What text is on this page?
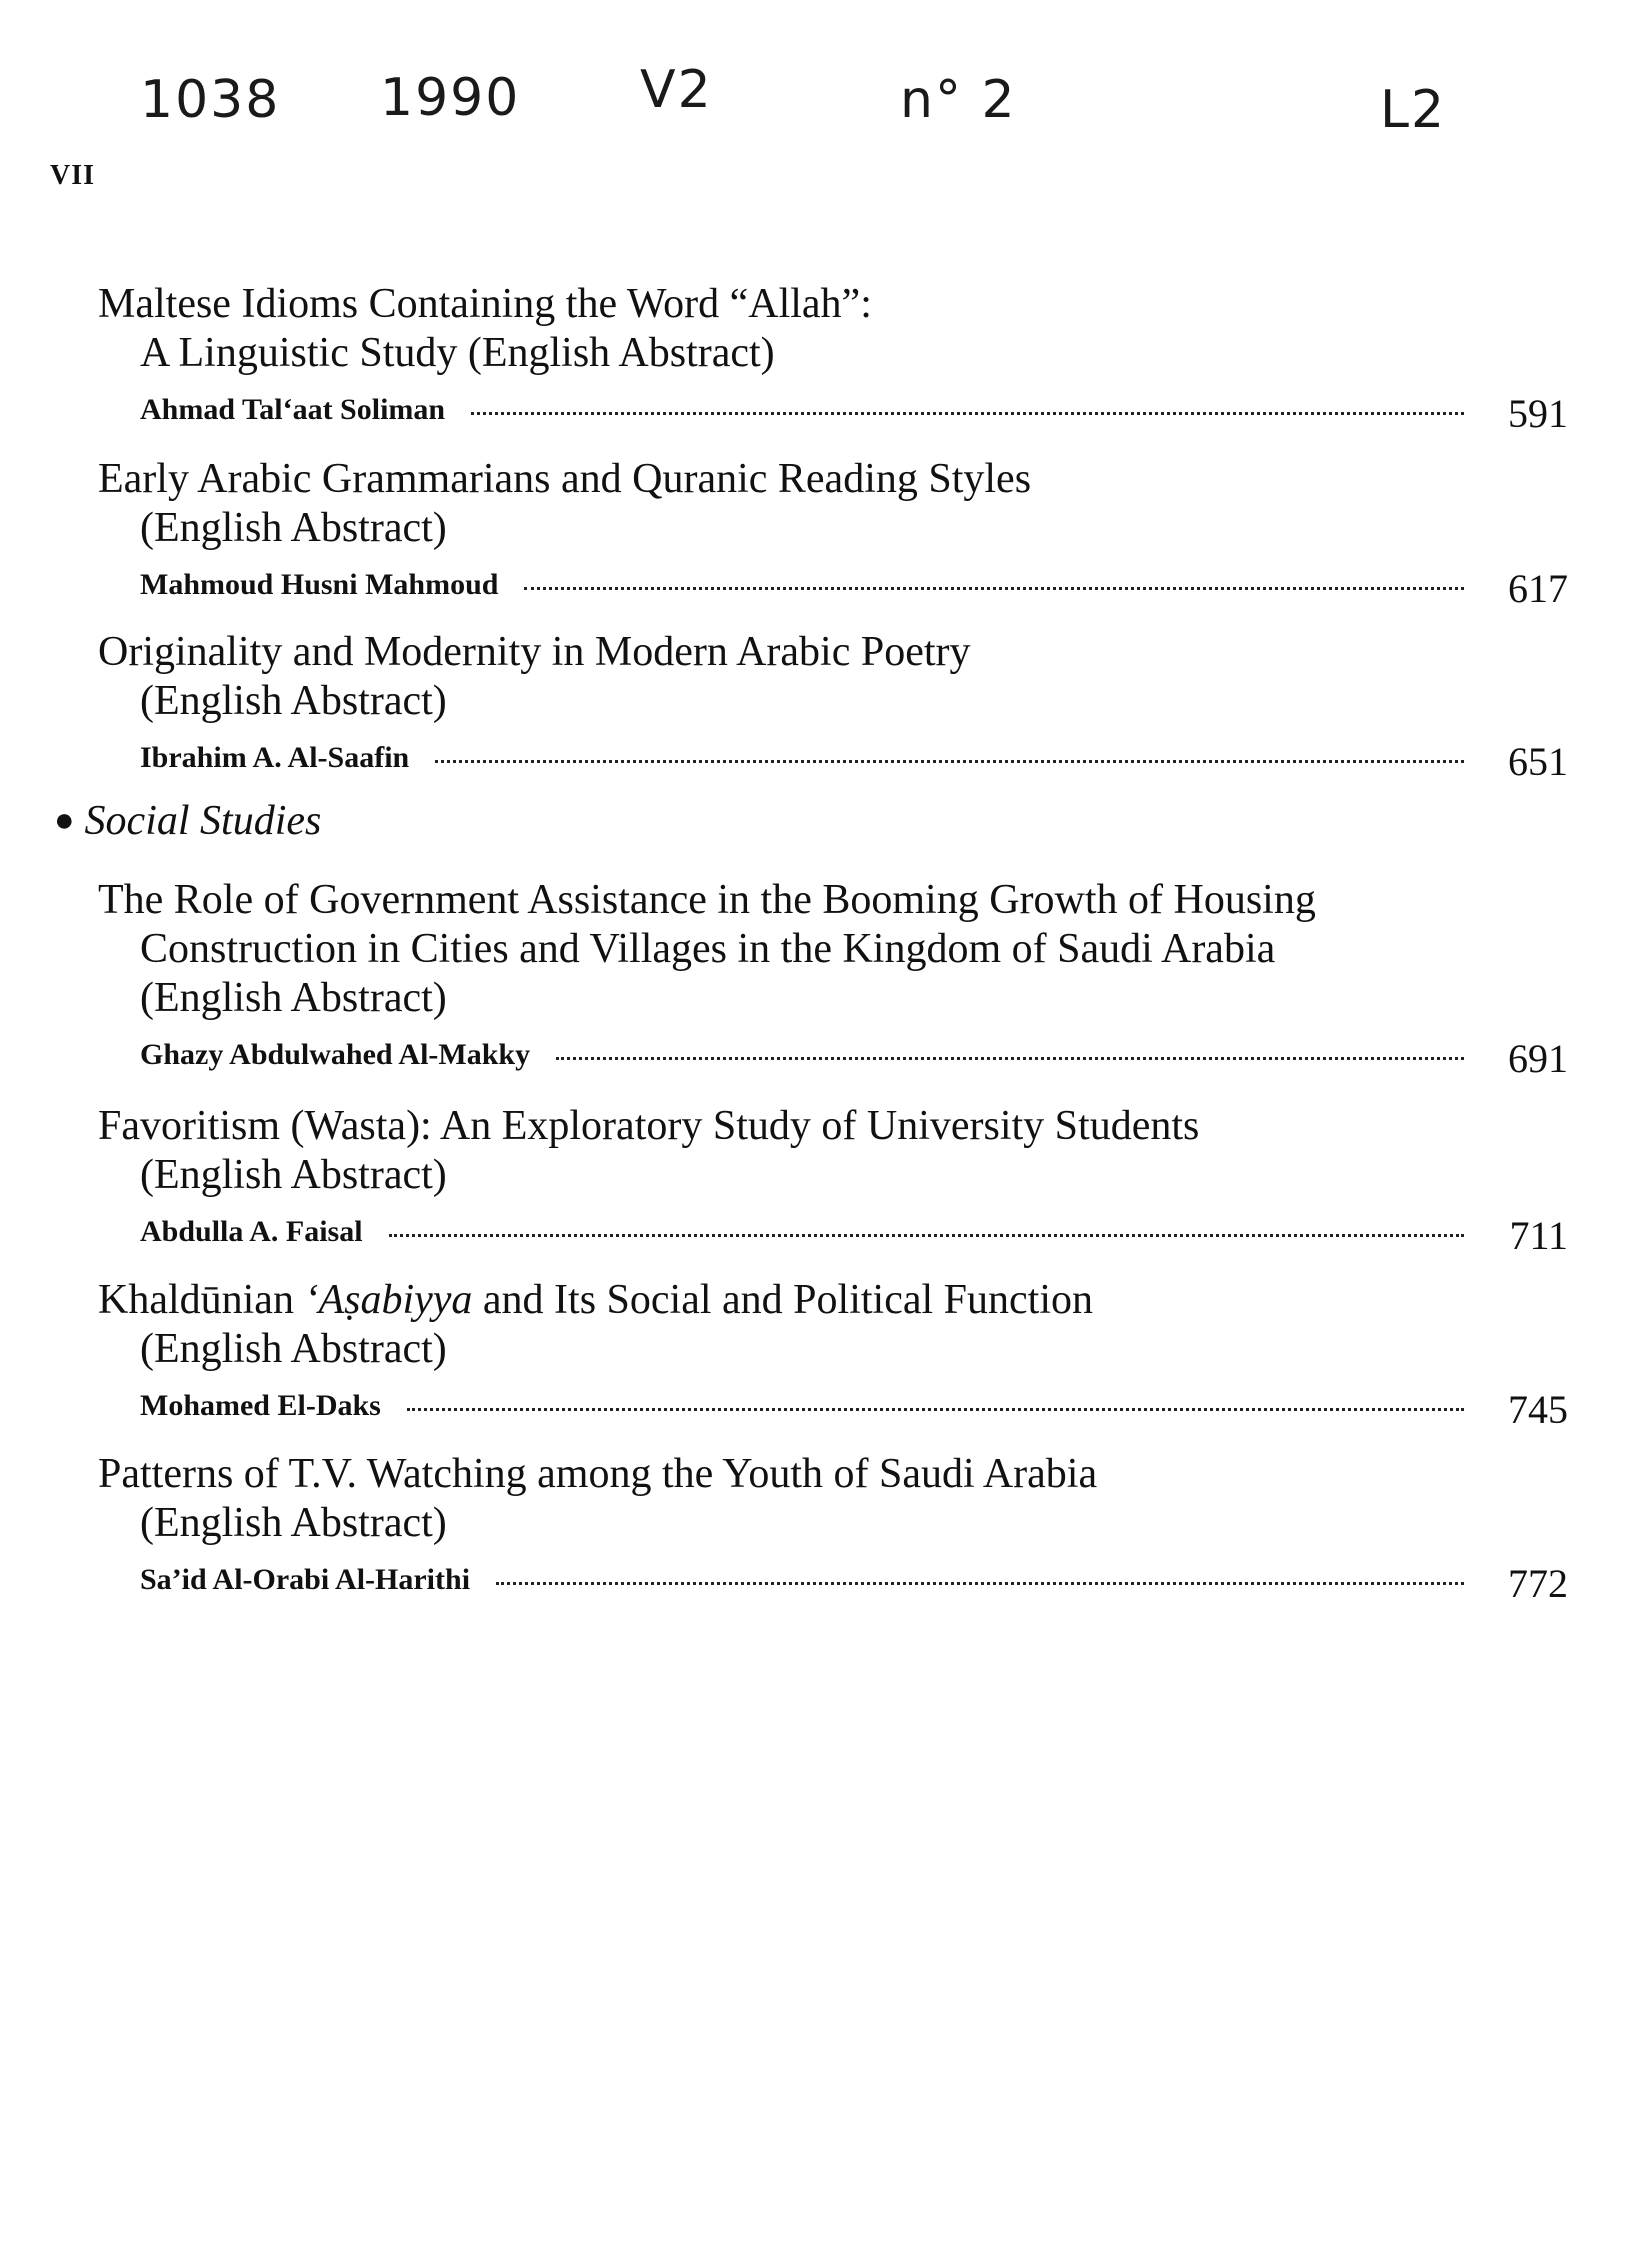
1038 1990 V2	n° 2	L2
VII
Maltese Idioms Containing the Word “Allah”:
A Linguistic Study (English Abstract)
Ahmad Tal‘aat Soliman	591
Early Arabic Grammarians and Quranic Reading Styles
(English Abstract)
Mahmoud Husni Mahmoud	617
Originality and Modernity in Modern Arabic Poetry
(English Abstract)
Ibrahim A. Al-Saafin	651
● Social Studies
The Role of Government Assistance in the Booming Growth of Housing
Construction in Cities and Villages in the Kingdom of Saudi Arabia
(English Abstract)
Ghazy Abdulwahed Al-Makky	691
Favoritism (Wasta): An Exploratory Study of University Students
(English Abstract)
Abdulla A. Faisal	711
Khaldūnian ‘Aṣabiyya and Its Social and Political Function
(English Abstract)
Mohamed El-Daks	745
Patterns of T.V. Watching among the Youth of Saudi Arabia
(English Abstract)
Sa’id Al-Orabi Al-Harithi	772
